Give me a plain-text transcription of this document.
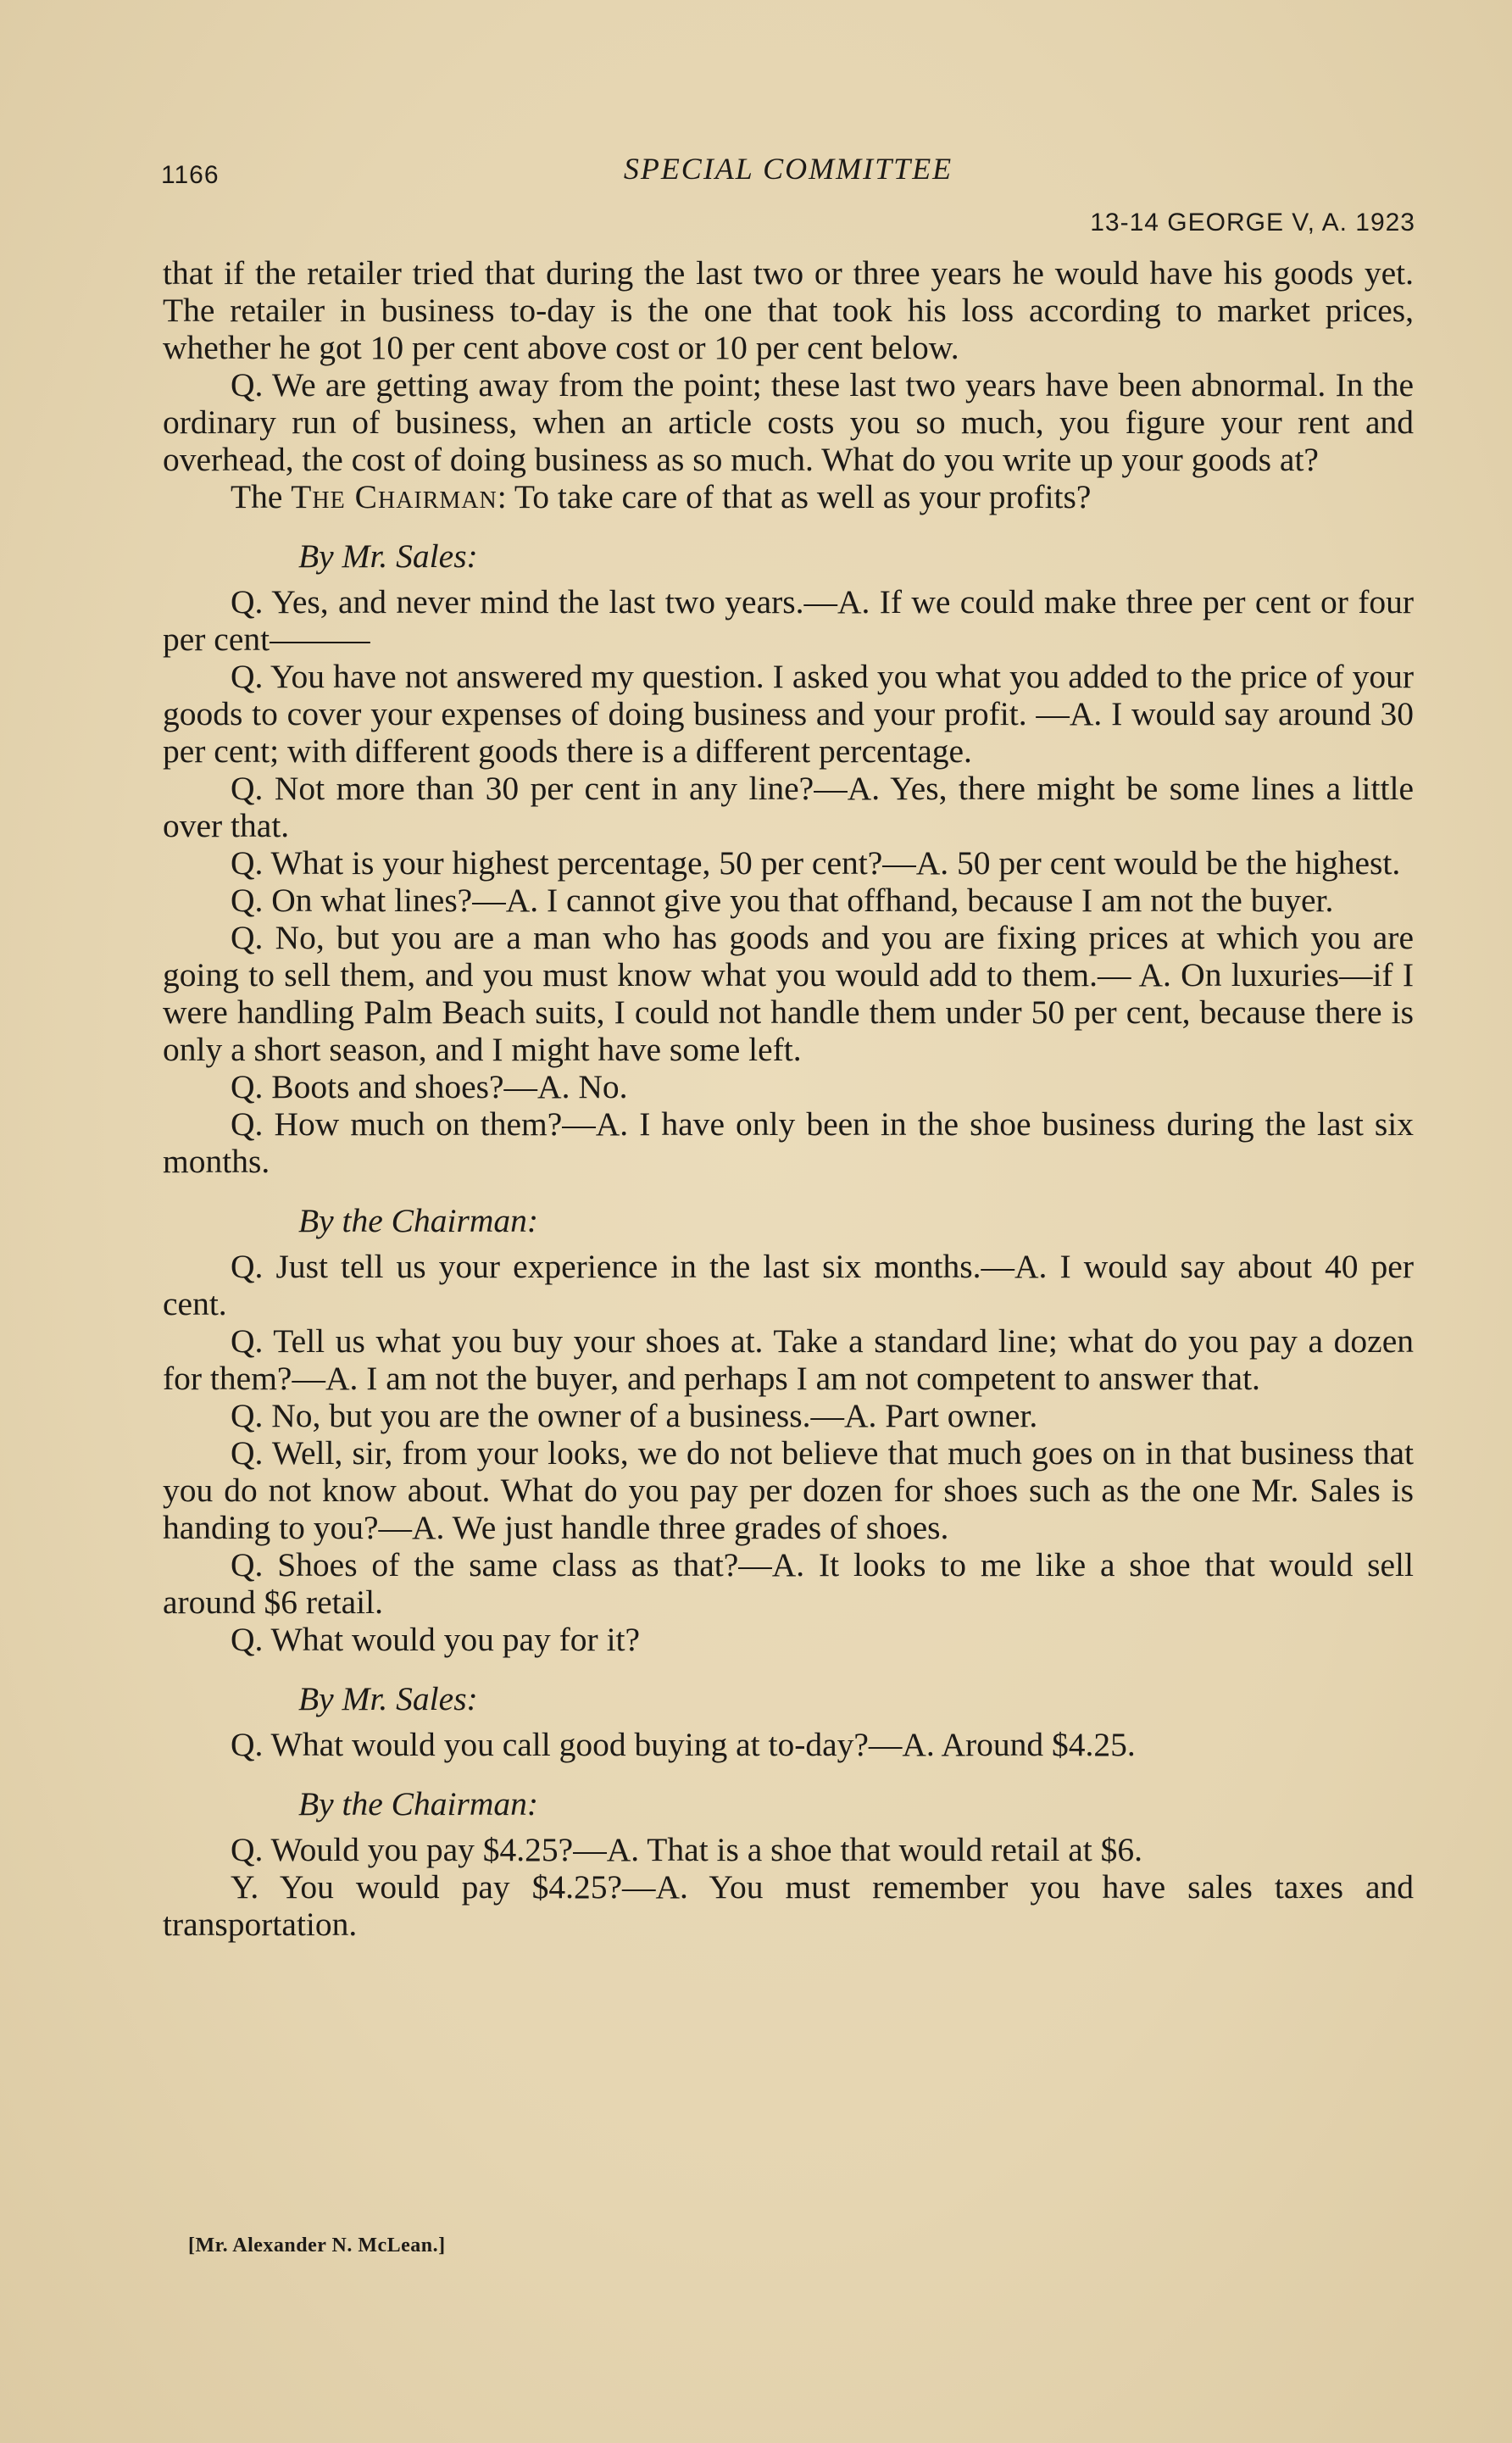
1166	SPECIAL COMMITTEE
13-14 GEORGE V, A. 1923

that if the retailer tried that during the last two or three years he would have his goods yet. The retailer in business to-day is the one that took his loss according to market prices, whether he got 10 per cent above cost or 10 per cent below.

Q. We are getting away from the point; these last two years have been abnormal. In the ordinary run of business, when an article costs you so much, you figure your rent and overhead, the cost of doing business as so much. What do you write up your goods at?

The The Chairman: To take care of that as well as your profits?

By Mr. Sales:

Q. Yes, and never mind the last two years.—A. If we could make three per cent or four per cent———

Q. You have not answered my question. I asked you what you added to the price of your goods to cover your expenses of doing business and your profit. —A. I would say around 30 per cent; with different goods there is a different percentage.

Q. Not more than 30 per cent in any line?—A. Yes, there might be some lines a little over that.

Q. What is your highest percentage, 50 per cent?—A. 50 per cent would be the highest.

Q. On what lines?—A. I cannot give you that offhand, because I am not the buyer.

Q. No, but you are a man who has goods and you are fixing prices at which you are going to sell them, and you must know what you would add to them.— A. On luxuries—if I were handling Palm Beach suits, I could not handle them under 50 per cent, because there is only a short season, and I might have some left.

Q. Boots and shoes?—A. No.

Q. How much on them?—A. I have only been in the shoe business during the last six months.

By the Chairman:

Q. Just tell us your experience in the last six months.—A. I would say about 40 per cent.

Q. Tell us what you buy your shoes at. Take a standard line; what do you pay a dozen for them?—A. I am not the buyer, and perhaps I am not competent to answer that.

Q. No, but you are the owner of a business.—A. Part owner.

Q. Well, sir, from your looks, we do not believe that much goes on in that business that you do not know about. What do you pay per dozen for shoes such as the one Mr. Sales is handing to you?—A. We just handle three grades of shoes.

Q. Shoes of the same class as that?—A. It looks to me like a shoe that would sell around $6 retail.

Q. What would you pay for it?

By Mr. Sales:

Q. What would you call good buying at to-day?—A. Around $4.25.

By the Chairman:

Q. Would you pay $4.25?—A. That is a shoe that would retail at $6.

Y. You would pay $4.25?—A. You must remember you have sales taxes and transportation.

[Mr. Alexander N. McLean.]
